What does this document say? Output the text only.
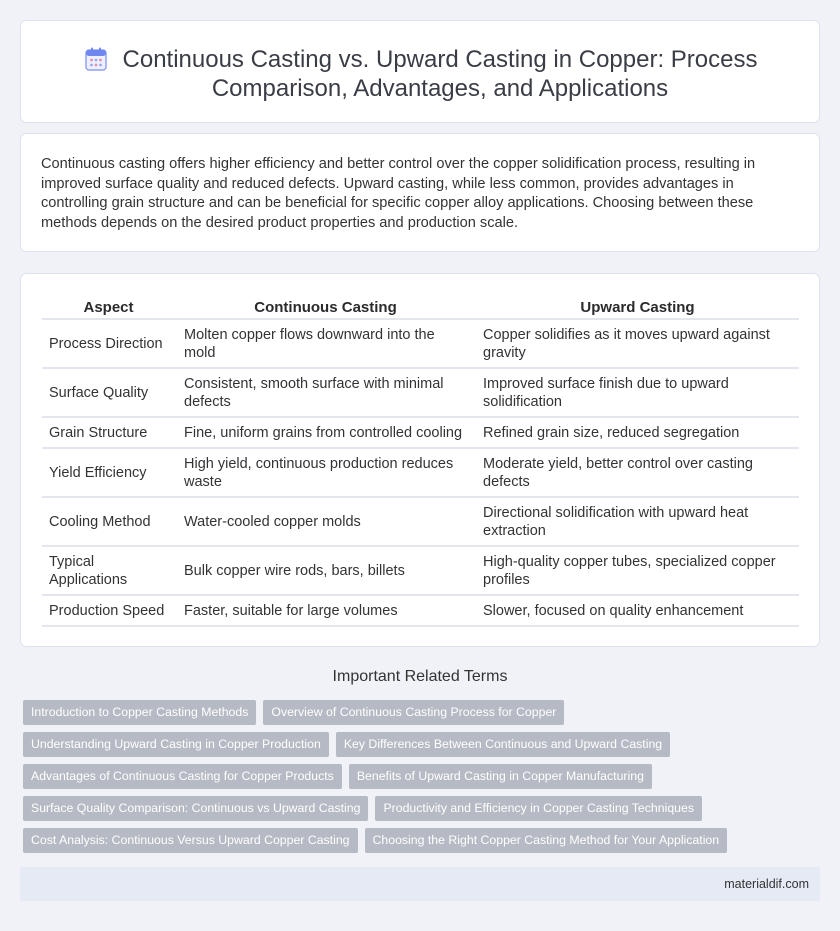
Continuous Casting vs. Upward Casting in Copper: Process Comparison, Advantages, and Applications

Continuous casting offers higher efficiency and better control over the copper solidification process, resulting in improved surface quality and reduced defects. Upward casting, while less common, provides advantages in controlling grain structure and can be beneficial for specific copper alloy applications. Choosing between these methods depends on the desired product properties and production scale.

Aspect	Continuous Casting	Upward Casting
Process Direction	Molten copper flows downward into the mold	Copper solidifies as it moves upward against gravity
Surface Quality	Consistent, smooth surface with minimal defects	Improved surface finish due to upward solidification
Grain Structure	Fine, uniform grains from controlled cooling	Refined grain size, reduced segregation
Yield Efficiency	High yield, continuous production reduces waste	Moderate yield, better control over casting defects
Cooling Method	Water-cooled copper molds	Directional solidification with upward heat extraction
Typical Applications	Bulk copper wire rods, bars, billets	High-quality copper tubes, specialized copper profiles
Production Speed	Faster, suitable for large volumes	Slower, focused on quality enhancement
Important Related Terms
Introduction to Copper Casting Methods	Overview of Continuous Casting Process for Copper
Understanding Upward Casting in Copper Production	Key Differences Between Continuous and Upward Casting
Advantages of Continuous Casting for Copper Products	Benefits of Upward Casting in Copper Manufacturing
Surface Quality Comparison: Continuous vs Upward Casting	Productivity and Efficiency in Copper Casting Techniques
Cost Analysis: Continuous Versus Upward Copper Casting	Choosing the Right Copper Casting Method for Your Application
materialdif.com
